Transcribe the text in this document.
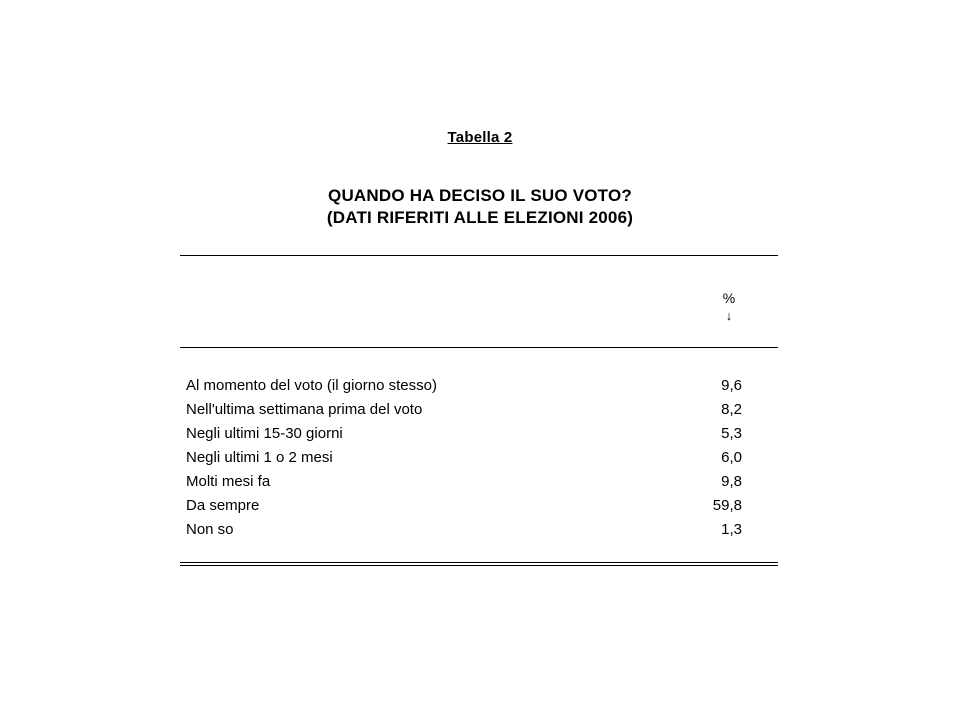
Tabella 2
QUANDO HA DECISO IL SUO VOTO?
(DATI RIFERITI ALLE ELEZIONI 2006)
%
↓
Al momento del voto (il giorno stesso)	9,6
Nell'ultima settimana prima del voto	8,2
Negli ultimi 15-30 giorni	5,3
Negli ultimi 1 o 2 mesi	6,0
Molti mesi fa	9,8
Da sempre	59,8
Non so	1,3
